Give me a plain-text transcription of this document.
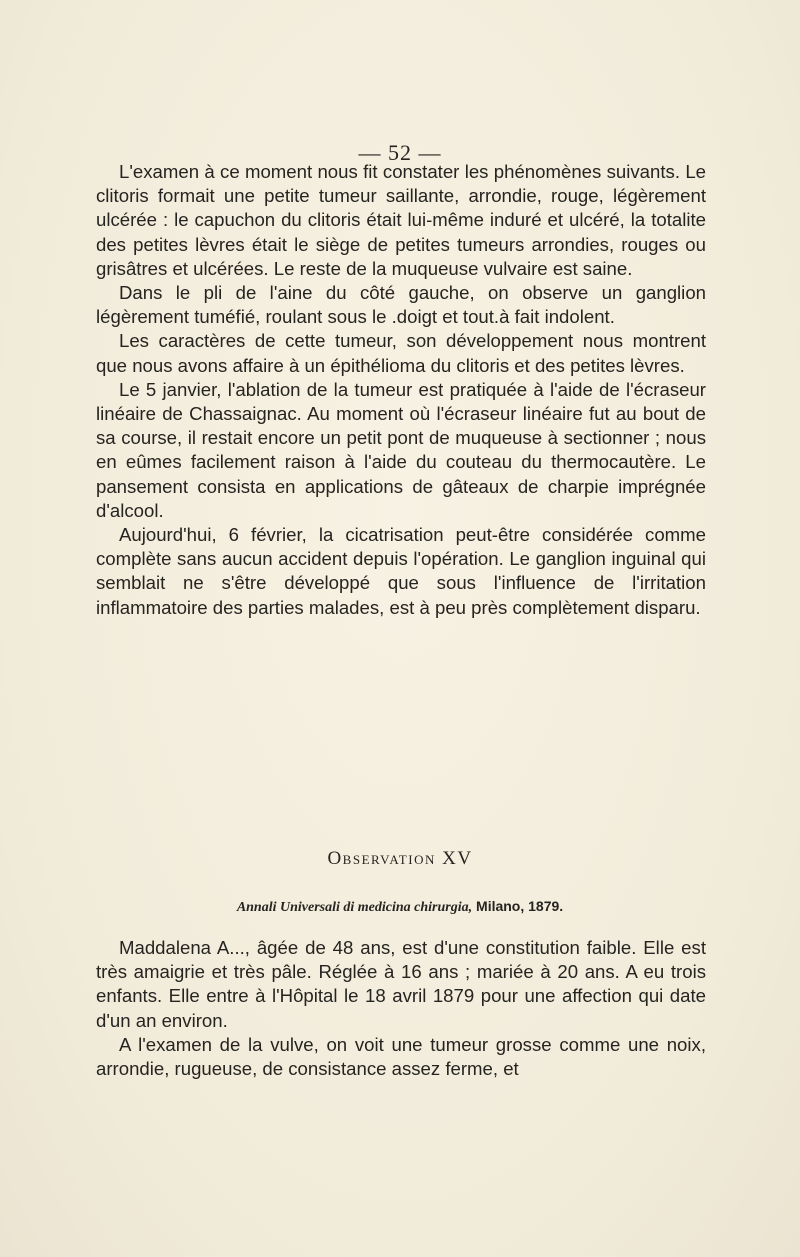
— 52 —

L'examen à ce moment nous fit constater les phénomènes suivants. Le clitoris formait une petite tumeur saillante, arrondie, rouge, légèrement ulcérée : le capuchon du clitoris était lui-même induré et ulcéré, la totalite des petites lèvres était le siège de petites tumeurs arrondies, rouges ou grisâtres et ulcérées. Le reste de la muqueuse vulvaire est saine.

Dans le pli de l'aine du côté gauche, on observe un ganglion légèrement tuméfié, roulant sous le .doigt et tout.à fait indolent.

Les caractères de cette tumeur, son développement nous montrent que nous avons affaire à un épithélioma du clitoris et des petites lèvres.

Le 5 janvier, l'ablation de la tumeur est pratiquée à l'aide de l'écraseur linéaire de Chassaignac. Au moment où l'écraseur linéaire fut au bout de sa course, il restait encore un petit pont de muqueuse à sectionner ; nous en eûmes facilement raison à l'aide du couteau du thermocautère. Le pansement consista en applications de gâteaux de charpie imprégnée d'alcool.

Aujourd'hui, 6 février, la cicatrisation peut-être considérée comme complète sans aucun accident depuis l'opération. Le ganglion inguinal qui semblait ne s'être développé que sous l'influence de l'irritation inflammatoire des parties malades, est à peu près complètement disparu.

Observation XV
Annali Universali di medicina chirurgia, Milano, 1879.

Maddalena A..., âgée de 48 ans, est d'une constitution faible. Elle est très amaigrie et très pâle. Réglée à 16 ans ; mariée à 20 ans. A eu trois enfants. Elle entre à l'Hôpital le 18 avril 1879 pour une affection qui date d'un an environ.

A l'examen de la vulve, on voit une tumeur grosse comme une noix, arrondie, rugueuse, de consistance assez ferme, et
